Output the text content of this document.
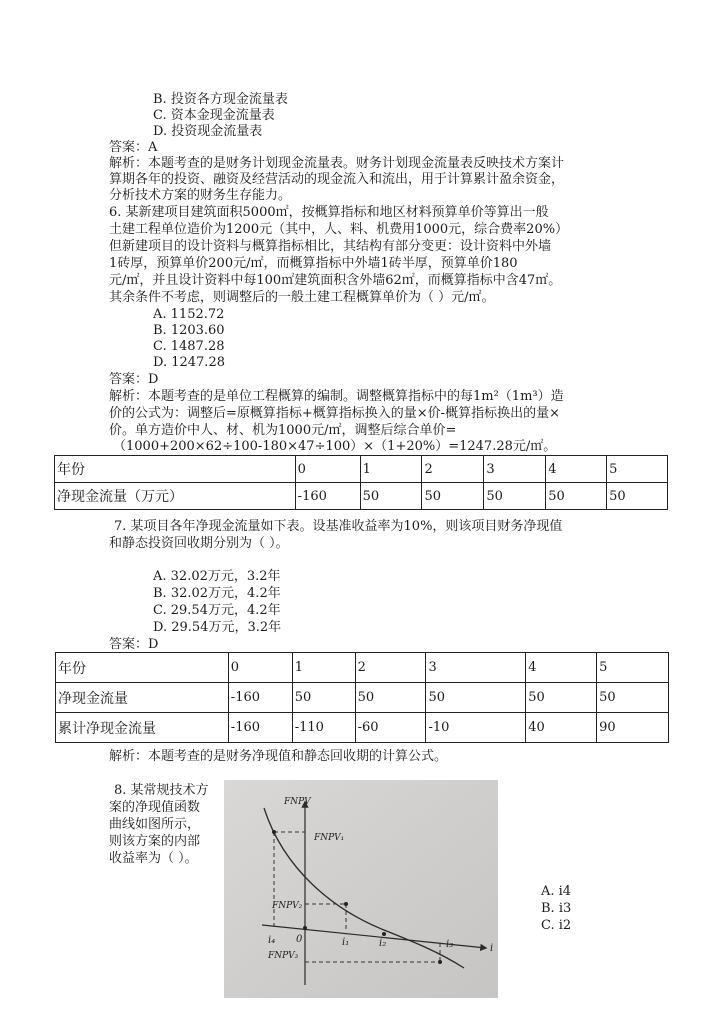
B. 投资各方现金流量表
C. 资本金现金流量表
D. 投资现金流量表
答案：A
解析：本题考查的是财务计划现金流量表。财务计划现金流量表反映技术方案计
算期各年的投资、融资及经营活动的现金流入和流出，用于计算累计盈余资金，
分析技术方案的财务生存能力。
6. 某新建项目建筑面积5000㎡，按概算指标和地区材料预算单价等算出一般
土建工程单位造价为1200元（其中，人、料、机费用1000元，综合费率20%）
但新建项目的设计资料与概算指标相比，其结构有部分变更：设计资料中外墙
1砖厚，预算单价200元/㎡，而概算指标中外墙1砖半厚，预算单价180
元/㎡，并且设计资料中每100㎡建筑面积含外墙62㎡，而概算指标中含47㎡。
其余条件不考虑，则调整后的一般土建工程概算单价为（ ）元/㎡。
A. 1152.72
B. 1203.60
C. 1487.28
D. 1247.28
答案：D
解析：本题考查的是单位工程概算的编制。调整概算指标中的每1m²（1m³）造
价的公式为：调整后=原概算指标+概算指标换入的量×价-概算指标换出的量×
价。单方造价中人、材、机为1000元/㎡，调整后综合单价=
（1000+200×62÷100-180×47÷100）×（1+20%）=1247.28元/㎡。
年份	0	1	2	3	4	5
净现金流量（万元）	-160	50	50	50	50	50
7. 某项目各年净现金流量如下表。设基准收益率为10%，则该项目财务净现值
和静态投资回收期分别为（ ）。
A. 32.02万元，3.2年
B. 32.02万元，4.2年
C. 29.54万元，4.2年
D. 29.54万元，3.2年
答案：D
年份	0	1	2	3	4	5
净现金流量	-160	50	50	50	50	50
累计净现金流量	-160	-110	-60	-10	40	90
解析：本题考查的是财务净现值和静态回收期的计算公式。
8. 某常规技术方
案的净现值函数
曲线如图所示，
则该方案的内部
收益率为（ ）。
FNPV
i
FNPV₁
FNPV₂
FNPV₃
i₄ 0	i₁	i₂	i₃
A. i4
B. i3
C. i2
